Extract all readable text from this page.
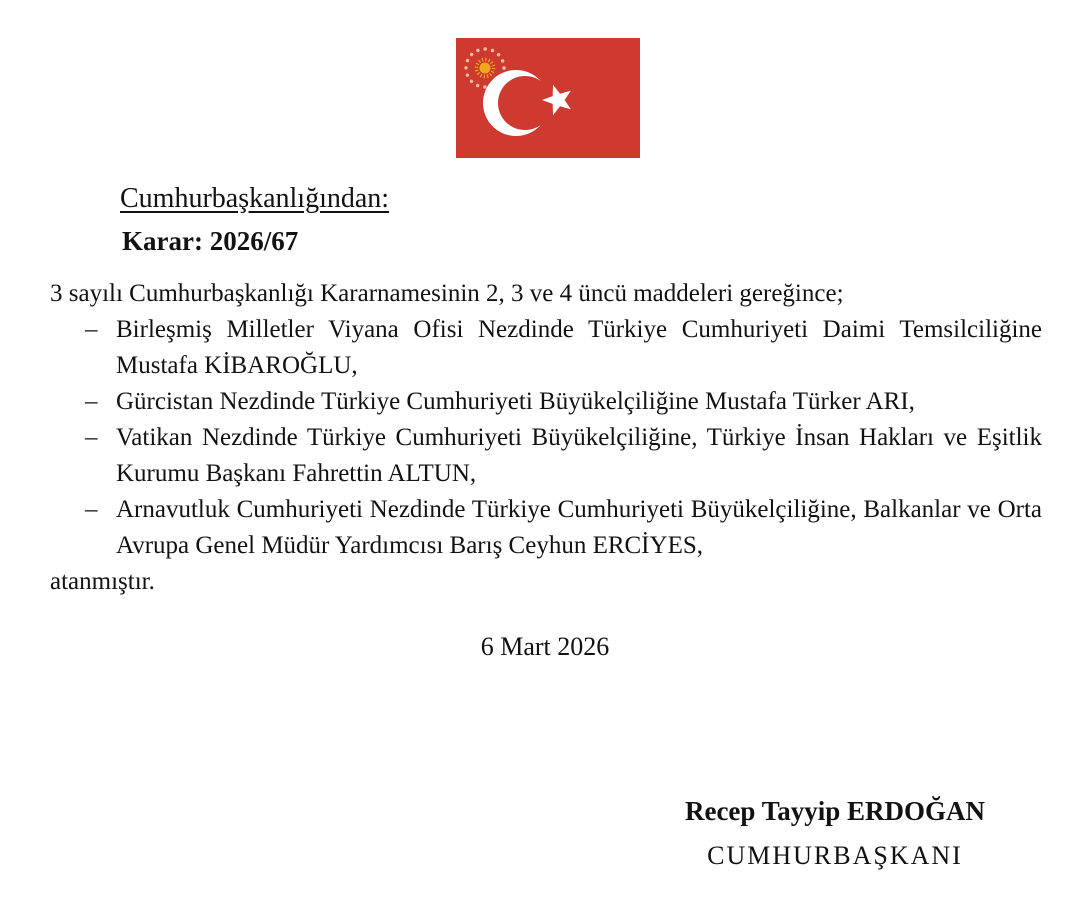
Cumhurbaşkanlığından:
Karar: 2026/67

3 sayılı Cumhurbaşkanlığı Kararnamesinin 2, 3 ve 4 üncü maddeleri gereğince;

– Birleşmiş Milletler Viyana Ofisi Nezdinde Türkiye Cumhuriyeti Daimi Temsilciliğine Mustafa KİBAROĞLU,
– Gürcistan Nezdinde Türkiye Cumhuriyeti Büyükelçiliğine Mustafa Türker ARI,
– Vatikan Nezdinde Türkiye Cumhuriyeti Büyükelçiliğine, Türkiye İnsan Hakları ve Eşitlik Kurumu Başkanı Fahrettin ALTUN,
– Arnavutluk Cumhuriyeti Nezdinde Türkiye Cumhuriyeti Büyükelçiliğine, Balkanlar ve Orta Avrupa Genel Müdür Yardımcısı Barış Ceyhun ERCİYES,

atanmıştır.

6 Mart 2026
Recep Tayyip ERDOĞAN
CUMHURBAŞKANI
